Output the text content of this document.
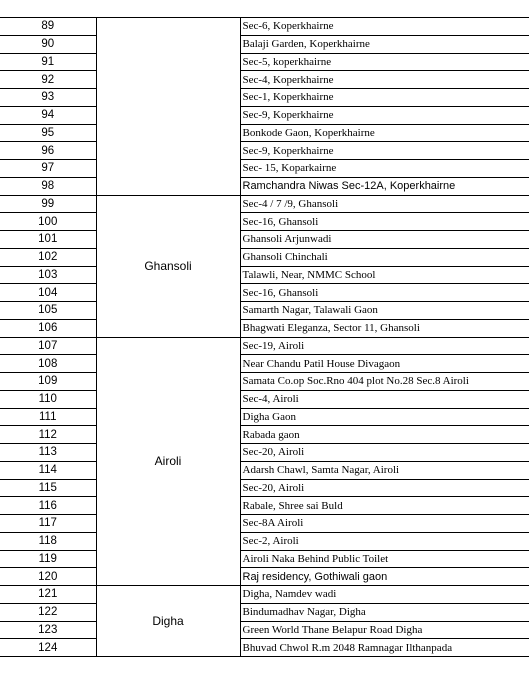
89		Sec-6, Koperkhairne
90		Balaji Garden, Koperkhairne
91		Sec-5, koperkhairne
92		Sec-4, Koperkhairne
93		Sec-1, Koperkhairne
94		Sec-9, Koperkhairne
95		Bonkode Gaon, Koperkhairne
96		Sec-9, Koperkhairne
97		Sec- 15, Koparkairne
98		Ramchandra Niwas Sec-12A, Koperkhairne
99	Ghansoli	Sec-4 / 7 /9, Ghansoli
100		Sec-16, Ghansoli
101		Ghansoli Arjunwadi
102		Ghansoli Chinchali
103		Talawli, Near, NMMC School
104		Sec-16, Ghansoli
105		Samarth Nagar, Talawali Gaon
106		Bhagwati Eleganza, Sector 11, Ghansoli
107	Airoli	Sec-19, Airoli
108		Near Chandu Patil House Divagaon
109		Samata Co.op Soc.Rno 404 plot No.28 Sec.8 Airoli
110		Sec-4, Airoli
111		Digha Gaon
112		Rabada gaon
113		Sec-20, Airoli
114		Adarsh Chawl, Samta Nagar, Airoli
115		Sec-20, Airoli
116		Rabale, Shree sai Buld
117		Sec-8A Airoli
118		Sec-2, Airoli
119		Airoli Naka Behind Public Toilet
120		Raj residency, Gothiwali gaon
121	Digha	Digha, Namdev wadi
122		Bindumadhav Nagar, Digha
123		Green World Thane Belapur Road Digha
124		Bhuvad Chwol R.m 2048 Ramnagar Ilthanpada
